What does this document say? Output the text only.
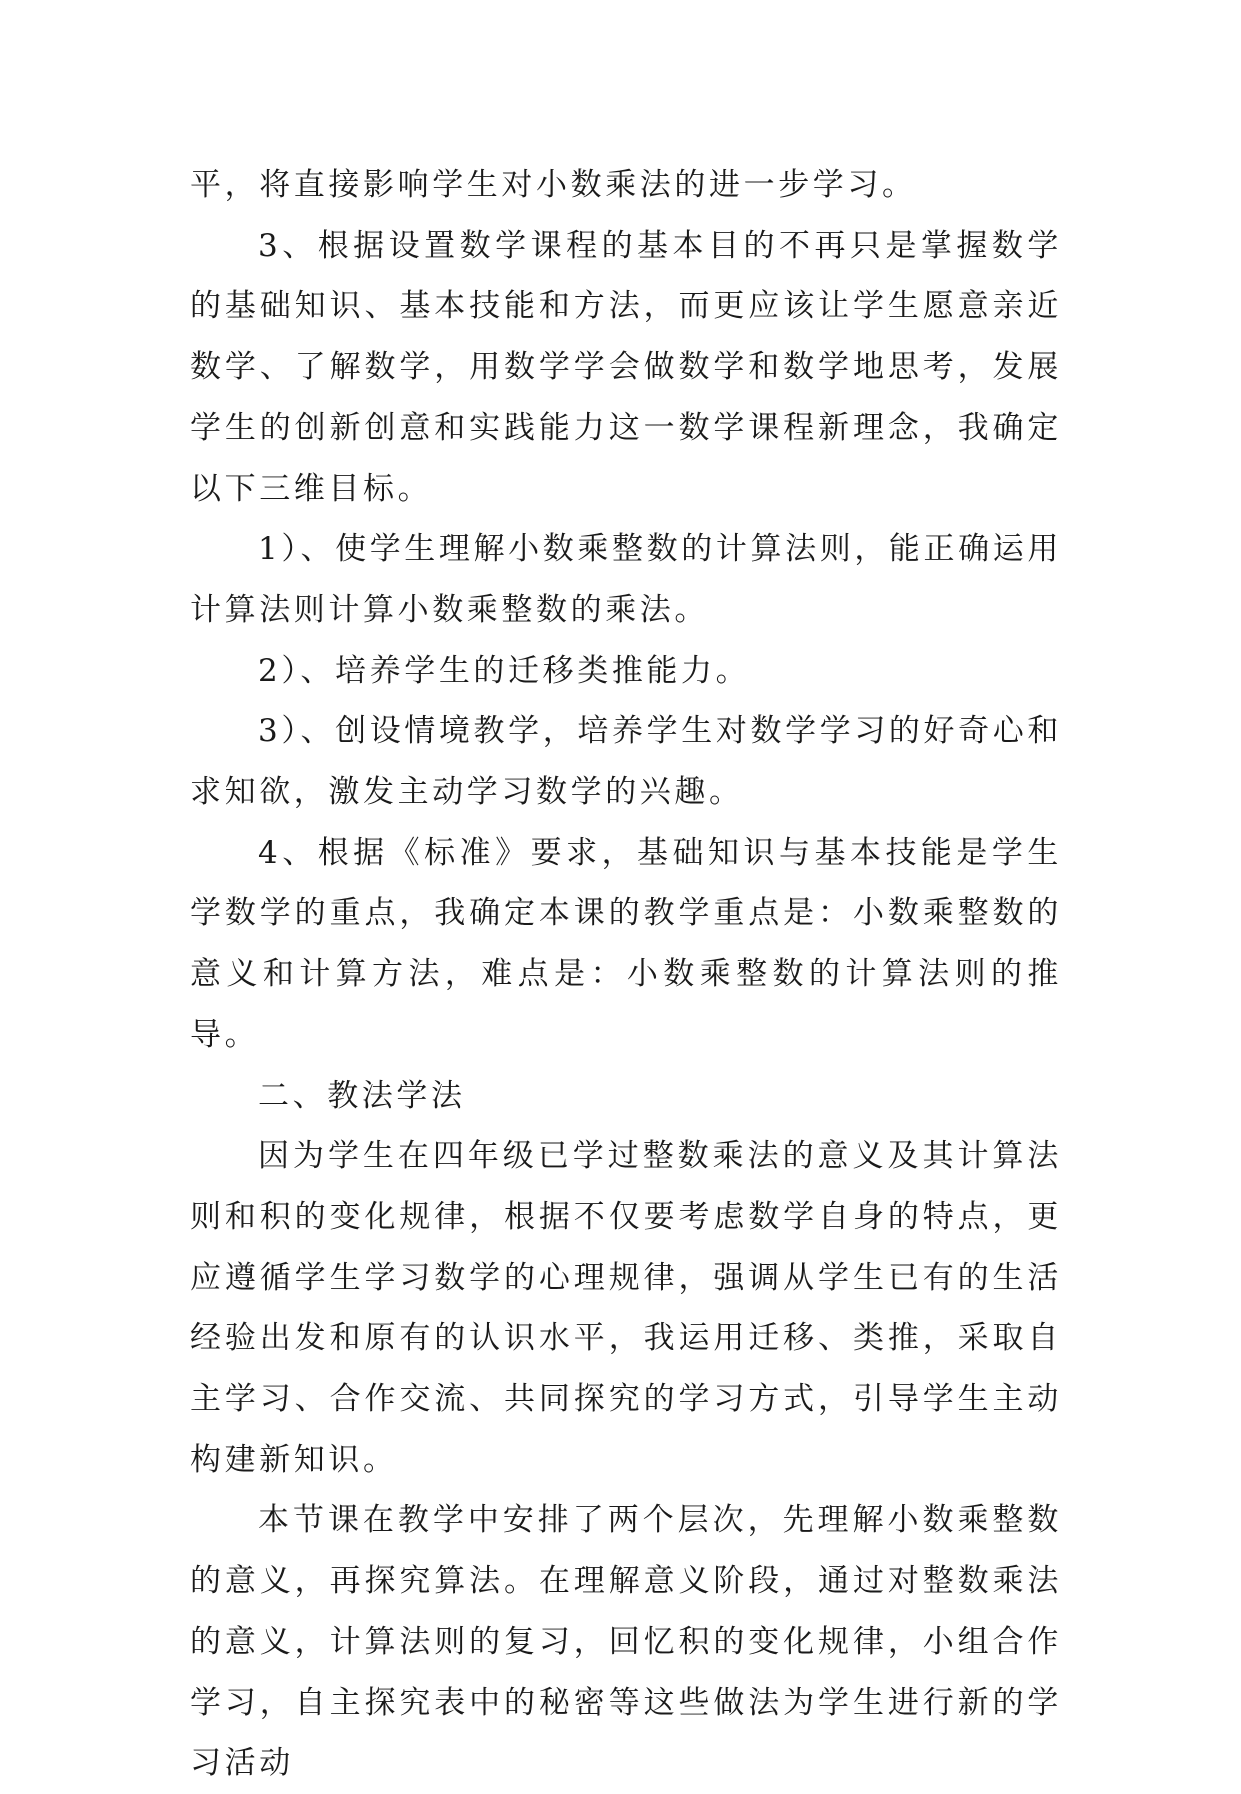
平，将直接影响学生对小数乘法的进一步学习。

3、根据设置数学课程的基本目的不再只是掌握数学的基础知识、基本技能和方法，而更应该让学生愿意亲近数学、了解数学，用数学学会做数学和数学地思考，发展学生的创新创意和实践能力这一数学课程新理念，我确定以下三维目标。

1）、使学生理解小数乘整数的计算法则，能正确运用计算法则计算小数乘整数的乘法。

2）、培养学生的迁移类推能力。

3）、创设情境教学，培养学生对数学学习的好奇心和求知欲，激发主动学习数学的兴趣。

4、根据《标准》要求，基础知识与基本技能是学生学数学的重点，我确定本课的教学重点是：小数乘整数的意义和计算方法，难点是：小数乘整数的计算法则的推导。

二、教法学法

因为学生在四年级已学过整数乘法的意义及其计算法则和积的变化规律，根据不仅要考虑数学自身的特点，更应遵循学生学习数学的心理规律，强调从学生已有的生活经验出发和原有的认识水平，我运用迁移、类推，采取自主学习、合作交流、共同探究的学习方式，引导学生主动构建新知识。

本节课在教学中安排了两个层次，先理解小数乘整数的意义，再探究算法。在理解意义阶段，通过对整数乘法的意义，计算法则的复习，回忆积的变化规律，小组合作学习，自主探究表中的秘密等这些做法为学生进行新的学习活动
